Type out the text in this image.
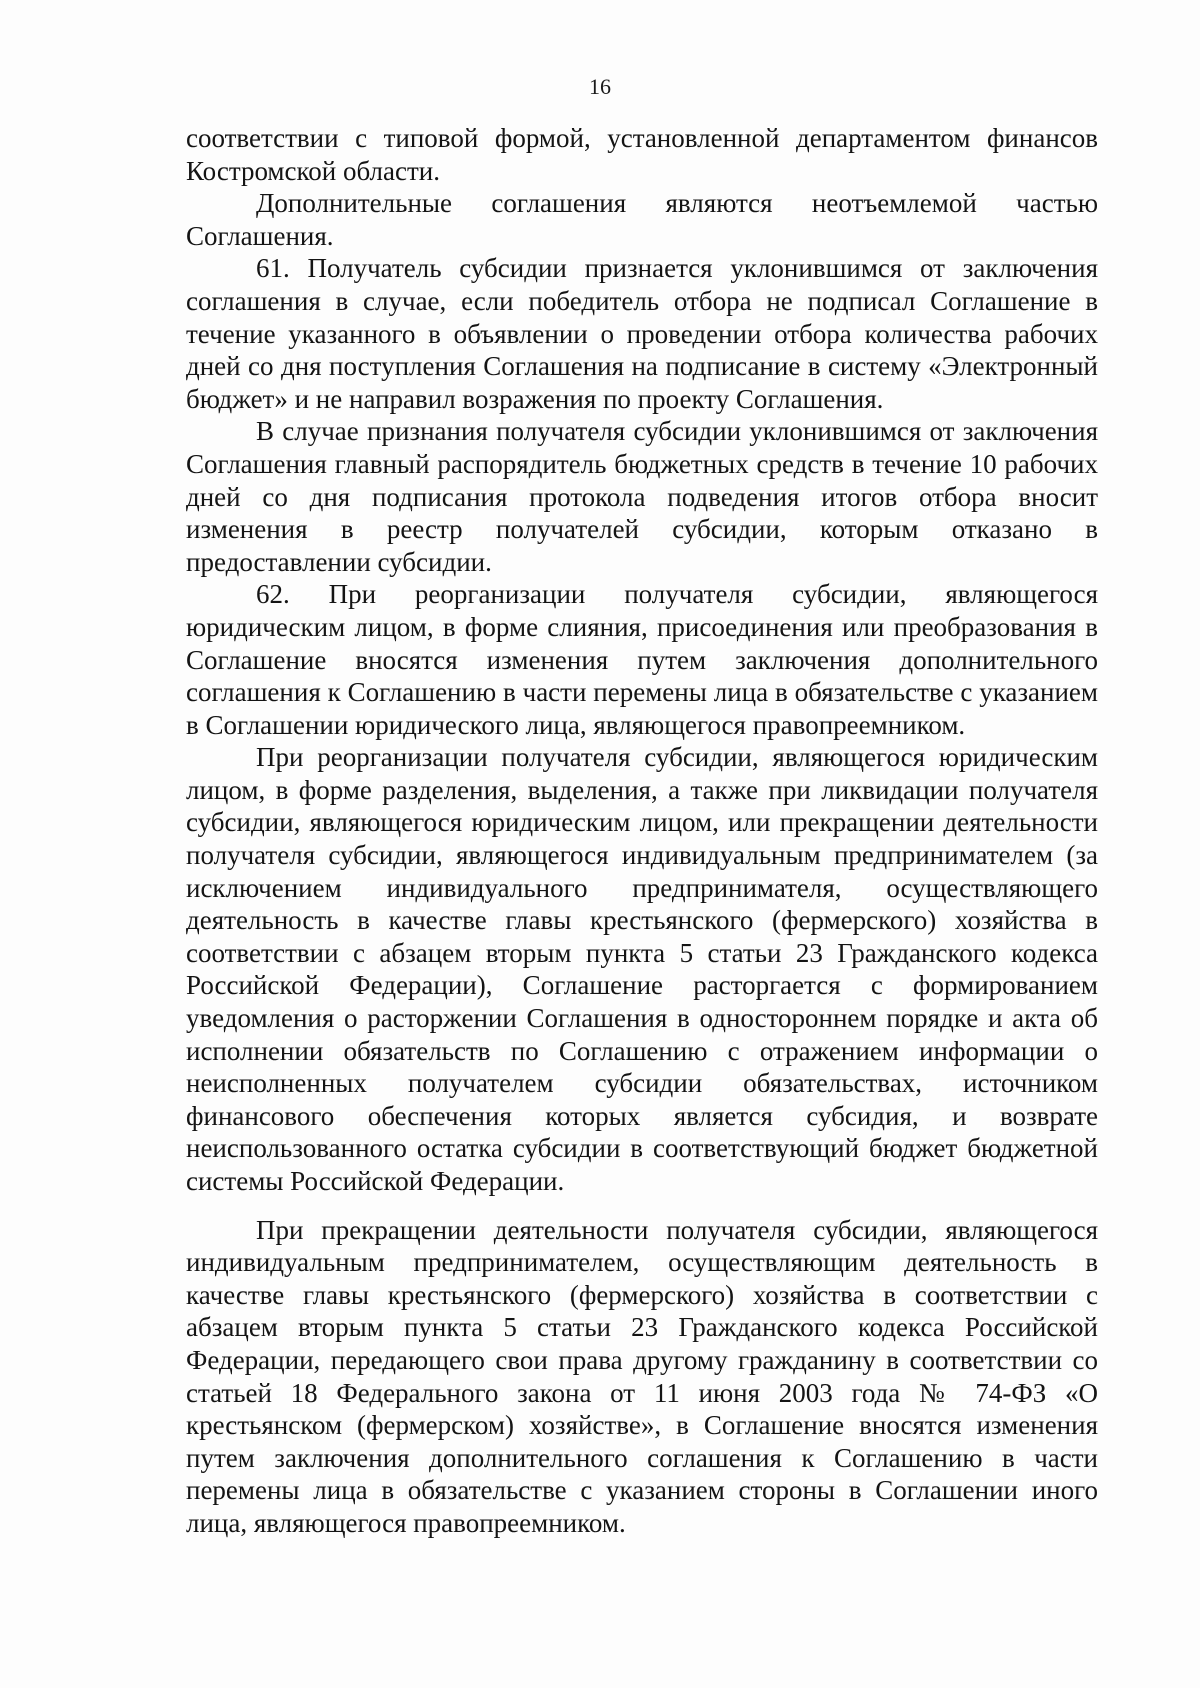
16

соответствии с типовой формой, установленной департаментом финансов Костромской области.

Дополнительные соглашения являются неотъемлемой частью Соглашения.

61. Получатель субсидии признается уклонившимся от заключения соглашения в случае, если победитель отбора не подписал Соглашение в течение указанного в объявлении о проведении отбора количества рабочих дней со дня поступления Соглашения на подписание в систему «Электронный бюджет» и не направил возражения по проекту Соглашения.

В случае признания получателя субсидии уклонившимся от заключения Соглашения главный распорядитель бюджетных средств в течение 10 рабочих дней со дня подписания протокола подведения итогов отбора вносит изменения в реестр получателей субсидии, которым отказано в предоставлении субсидии.

62. При реорганизации получателя субсидии, являющегося юридическим лицом, в форме слияния, присоединения или преобразования в Соглашение вносятся изменения путем заключения дополнительного соглашения к Соглашению в части перемены лица в обязательстве с указанием в Соглашении юридического лица, являющегося правопреемником.

При реорганизации получателя субсидии, являющегося юридическим лицом, в форме разделения, выделения, а также при ликвидации получателя субсидии, являющегося юридическим лицом, или прекращении деятельности получателя субсидии, являющегося индивидуальным предпринимателем (за исключением индивидуального предпринимателя, осуществляющего деятельность в качестве главы крестьянского (фермерского) хозяйства в соответствии с абзацем вторым пункта 5 статьи 23 Гражданского кодекса Российской Федерации), Соглашение расторгается с формированием уведомления о расторжении Соглашения в одностороннем порядке и акта об исполнении обязательств по Соглашению с отражением информации о неисполненных получателем субсидии обязательствах, источником финансового обеспечения которых является субсидия, и возврате неиспользованного остатка субсидии в соответствующий бюджет бюджетной системы Российской Федерации.

При прекращении деятельности получателя субсидии, являющегося индивидуальным предпринимателем, осуществляющим деятельность в качестве главы крестьянского (фермерского) хозяйства в соответствии с абзацем вторым пункта 5 статьи 23 Гражданского кодекса Российской Федерации, передающего свои права другому гражданину в соответствии со статьей 18 Федерального закона от 11 июня 2003 года № 74-ФЗ «О крестьянском (фермерском) хозяйстве», в Соглашение вносятся изменения путем заключения дополнительного соглашения к Соглашению в части перемены лица в обязательстве с указанием стороны в Соглашении иного лица, являющегося правопреемником.
